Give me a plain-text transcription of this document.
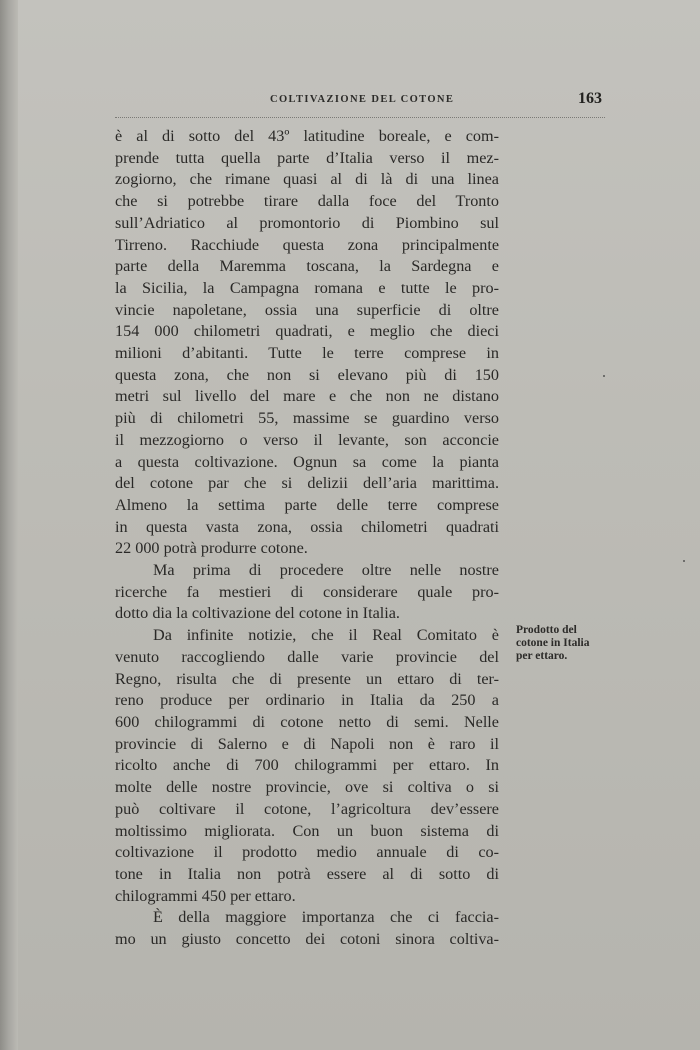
COLTIVAZIONE DEL COTONE	163
è al di sotto del 43º latitudine boreale, e com-
prende tutta quella parte d’Italia verso il mez-
zogiorno, che rimane quasi al di là di una linea
che si potrebbe tirare dalla foce del Tronto
sull’Adriatico al promontorio di Piombino sul
Tirreno. Racchiude questa zona principalmente
parte della Maremma toscana, la Sardegna e
la Sicilia, la Campagna romana e tutte le pro-
vincie napoletane, ossia una superficie di oltre
154 000 chilometri quadrati, e meglio che dieci
milioni d’abitanti. Tutte le terre comprese in
questa zona, che non si elevano più di 150
metri sul livello del mare e che non ne distano
più di chilometri 55, massime se guardino verso
il mezzogiorno o verso il levante, son acconcie
a questa coltivazione. Ognun sa come la pianta
del cotone par che si delizii dell’aria marittima.
Almeno la settima parte delle terre comprese
in questa vasta zona, ossia chilometri quadrati
22 000 potrà produrre cotone.
Ma prima di procedere oltre nelle nostre
ricerche fa mestieri di considerare quale pro-
dotto dia la coltivazione del cotone in Italia.
Da infinite notizie, che il Real Comitato è
venuto raccogliendo dalle varie provincie del
Regno, risulta che di presente un ettaro di ter-
reno produce per ordinario in Italia da 250 a
600 chilogrammi di cotone netto di semi. Nelle
provincie di Salerno e di Napoli non è raro il
ricolto anche di 700 chilogrammi per ettaro. In
molte delle nostre provincie, ove si coltiva o si
può coltivare il cotone, l’agricoltura dev’essere
moltissimo migliorata. Con un buon sistema di
coltivazione il prodotto medio annuale di co-
tone in Italia non potrà essere al di sotto di
chilogrammi 450 per ettaro.
È della maggiore importanza che ci faccia-
mo un giusto concetto dei cotoni sinora coltiva-
Prodotto del
cotone in Italia
per ettaro.
